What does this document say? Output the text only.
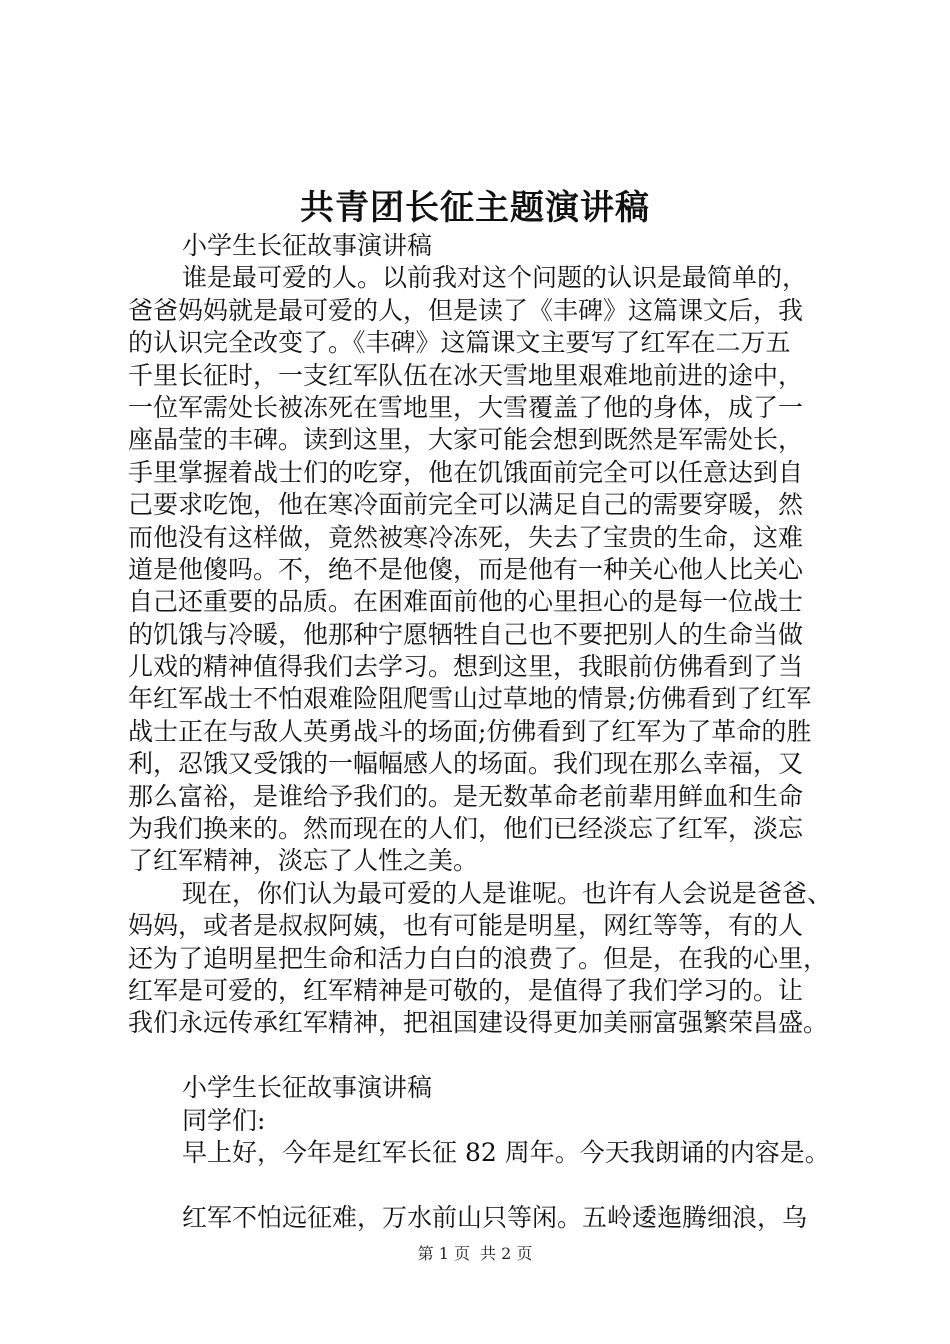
共青团长征主题演讲稿
小学生长征故事演讲稿
谁是最可爱的人。以前我对这个问题的认识是最简单的，
爸爸妈妈就是最可爱的人，但是读了《丰碑》这篇课文后，我
的认识完全改变了。《丰碑》这篇课文主要写了红军在二万五
千里长征时，一支红军队伍在冰天雪地里艰难地前进的途中，
一位军需处长被冻死在雪地里，大雪覆盖了他的身体，成了一
座晶莹的丰碑。读到这里，大家可能会想到既然是军需处长，
手里掌握着战士们的吃穿，他在饥饿面前完全可以任意达到自
己要求吃饱，他在寒冷面前完全可以满足自己的需要穿暖，然
而他没有这样做，竟然被寒冷冻死，失去了宝贵的生命，这难
道是他傻吗。不，绝不是他傻，而是他有一种关心他人比关心
自己还重要的品质。在困难面前他的心里担心的是每一位战士
的饥饿与冷暖，他那种宁愿牺牲自己也不要把别人的生命当做
儿戏的精神值得我们去学习。想到这里，我眼前仿佛看到了当
年红军战士不怕艰难险阻爬雪山过草地的情景;仿佛看到了红军
战士正在与敌人英勇战斗的场面;仿佛看到了红军为了革命的胜
利，忍饿又受饿的一幅幅感人的场面。我们现在那么幸福，又
那么富裕，是谁给予我们的。是无数革命老前辈用鲜血和生命
为我们换来的。然而现在的人们，他们已经淡忘了红军，淡忘
了红军精神，淡忘了人性之美。
现在，你们认为最可爱的人是谁呢。也许有人会说是爸爸、
妈妈，或者是叔叔阿姨，也有可能是明星，网红等等，有的人
还为了追明星把生命和活力白白的浪费了。但是，在我的心里，
红军是可爱的，红军精神是可敬的，是值得了我们学习的。让
我们永远传承红军精神，把祖国建设得更加美丽富强繁荣昌盛。
小学生长征故事演讲稿
同学们:
早上好，今年是红军长征 82 周年。今天我朗诵的内容是。
红军不怕远征难，万水前山只等闲。五岭逶迤腾细浪，乌
第 1 页 共 2 页
